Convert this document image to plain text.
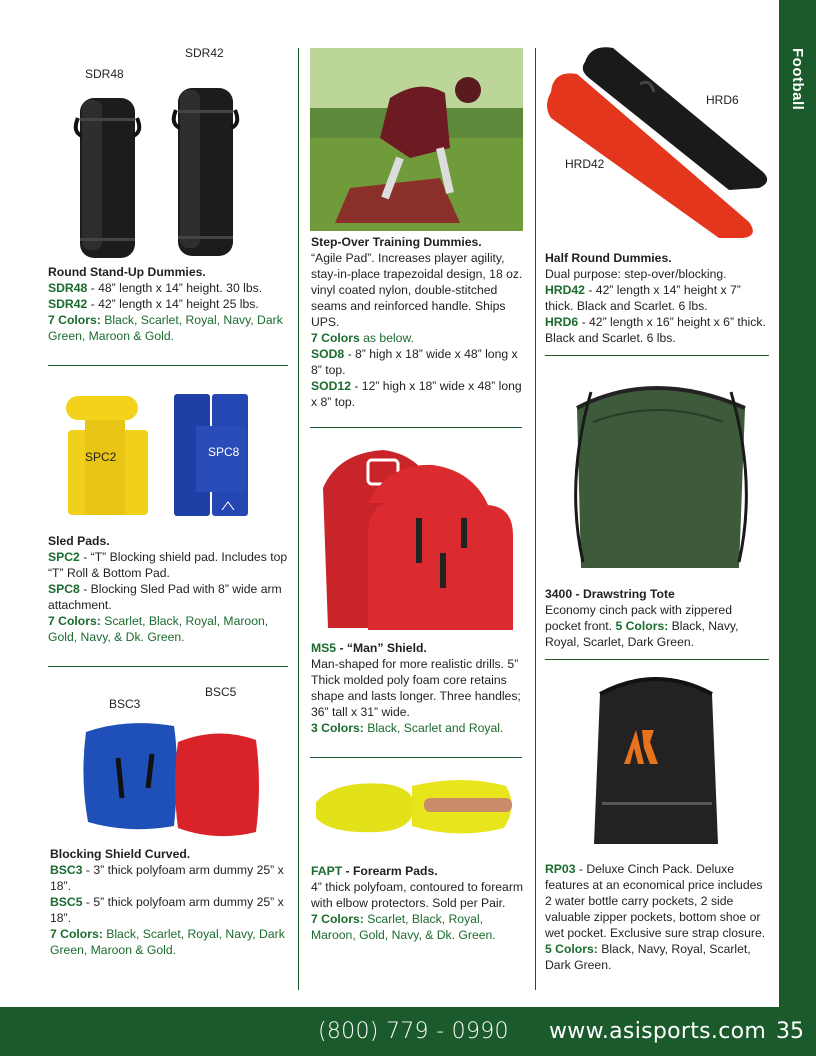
Football
(800) 779 - 0990 www.asisports.com 35
SDR48
SDR42

Round Stand-Up Dummies.

SDR48 - 48” length x 14” height. 30 lbs.

SDR42 - 42” length x 14” height 25 lbs.

7 Colors: Black, Scarlet, Royal, Navy, Dark Green, Maroon & Gold.

SPC2	SPC8

Sled Pads.

SPC2 - “T” Blocking shield pad. Includes top “T” Roll & Bottom Pad.

SPC8 - Blocking Sled Pad with 8” wide arm attachment.

7 Colors: Scarlet, Black, Royal, Maroon, Gold, Navy, & Dk. Green.

BSC3
BSC5

Blocking Shield Curved.

BSC3 - 3” thick polyfoam arm dummy 25” x 18”.

BSC5 - 5” thick polyfoam arm dummy 25” x 18”.

7 Colors: Black, Scarlet, Royal, Navy, Dark Green, Maroon & Gold.

Step-Over Training Dummies.

“Agile Pad”. Increases player agility, stay-in-place trapezoidal design, 18 oz. vinyl coated nylon, double-stitched seams and reinforced handle. Ships UPS.

7 Colors as below.

SOD8 - 8” high x 18” wide x 48” long x 8” top.

SOD12 - 12” high x 18” wide x 48” long x 8” top.

MS5 - “Man” Shield.

Man-shaped for more realistic drills. 5” Thick molded poly foam core retains shape and lasts longer. Three handles; 36” tall x 31” wide.

3 Colors: Black, Scarlet and Royal.

FAPT - Forearm Pads.

4” thick polyfoam, contoured to forearm with elbow protectors. Sold per Pair.

7 Colors: Scarlet, Black, Royal, Maroon, Gold, Navy, & Dk. Green.

HRD6
HRD42

Half Round Dummies.

Dual purpose: step-over/blocking.

HRD42 - 42” length x 14” height x 7” thick. Black and Scarlet. 6 lbs.

HRD6 - 42” length x 16” height x 6” thick. Black and Scarlet. 6 lbs.

3400 - Drawstring Tote

Economy cinch pack with zippered pocket front. 5 Colors: Black, Navy, Royal, Scarlet, Dark Green.

RP03 - Deluxe Cinch Pack. Deluxe features at an economical price includes 2 water bottle carry pockets, 2 side valuable zipper pockets, bottom shoe or wet pocket. Exclusive sure strap closure.

5 Colors: Black, Navy, Royal, Scarlet, Dark Green.
